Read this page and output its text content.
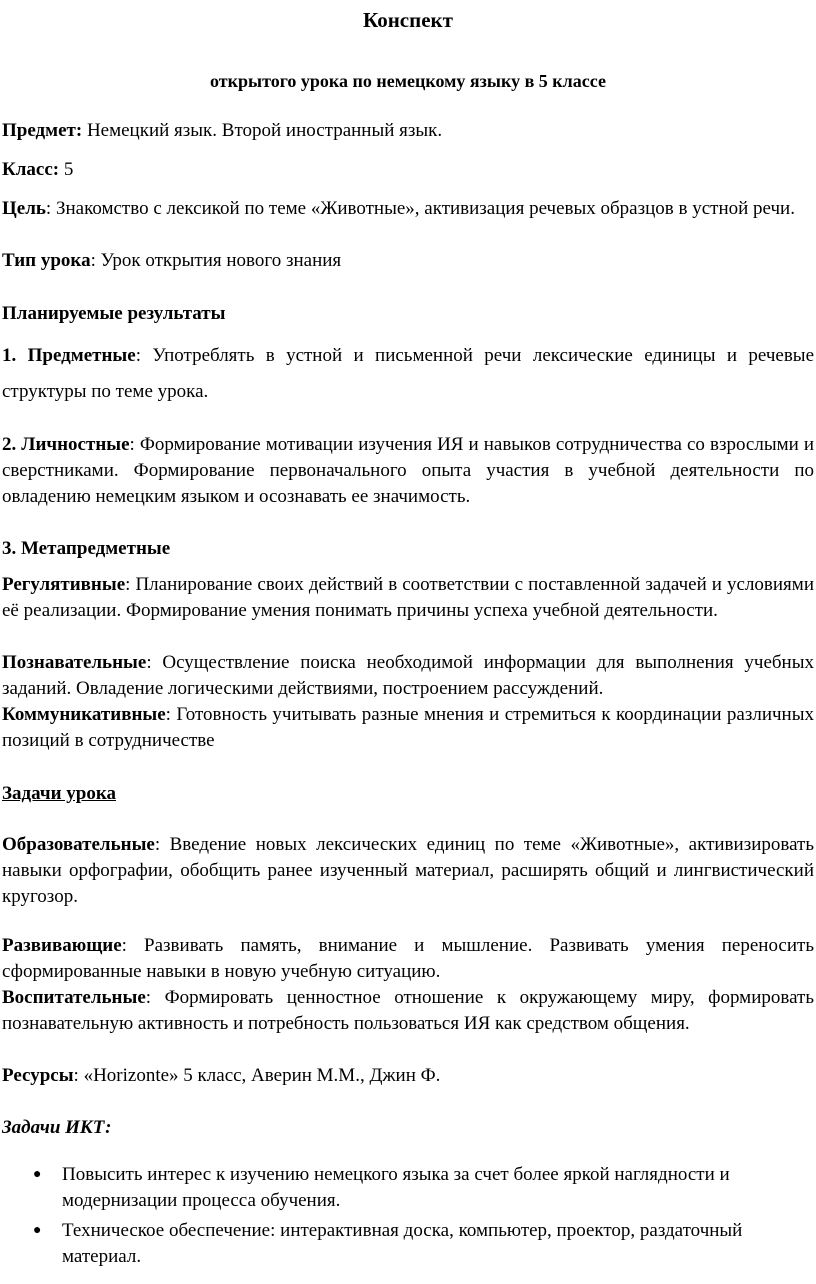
Конспект

открытого урока по немецкому языку в 5 классе

Предмет: Немецкий язык. Второй иностранный язык.

Класс: 5

Цель: Знакомство с лексикой по теме «Животные», активизация речевых образцов в устной речи.

Тип урока: Урок открытия нового знания

Планируемые результаты

1. Предметные: Употреблять в устной и письменной речи лексические единицы и речевые структуры по теме урока.

2. Личностные: Формирование мотивации изучения ИЯ и навыков сотрудничества со взрослыми и сверстниками. Формирование первоначального опыта участия в учебной деятельности по овладению немецким языком и осознавать ее значимость.

3. Метапредметные

Регулятивные: Планирование своих действий в соответствии с поставленной задачей и условиями её реализации. Формирование умения понимать причины успеха учебной деятельности.

Познавательные: Осуществление поиска необходимой информации для выполнения учебных заданий. Овладение логическими действиями, построением рассуждений.

Коммуникативные: Готовность учитывать разные мнения и стремиться к координации различных позиций в сотрудничестве

Задачи урока

Образовательные: Введение новых лексических единиц по теме «Животные», активизировать навыки орфографии, обобщить ранее изученный материал, расширять общий и лингвистический кругозор.

Развивающие: Развивать память, внимание и мышление. Развивать умения переносить сформированные навыки в новую учебную ситуацию.

Воспитательные: Формировать ценностное отношение к окружающему миру, формировать познавательную активность и потребность пользоваться ИЯ как средством общения.

Ресурсы: «Horizonte» 5 класс, Аверин М.М., Джин Ф.

Задачи ИКТ:

● Повысить интерес к изучению немецкого языка за счет более яркой наглядности и модернизации процесса обучения.
● Техническое обеспечение: интерактивная доска, компьютер, проектор, раздаточный материал.
